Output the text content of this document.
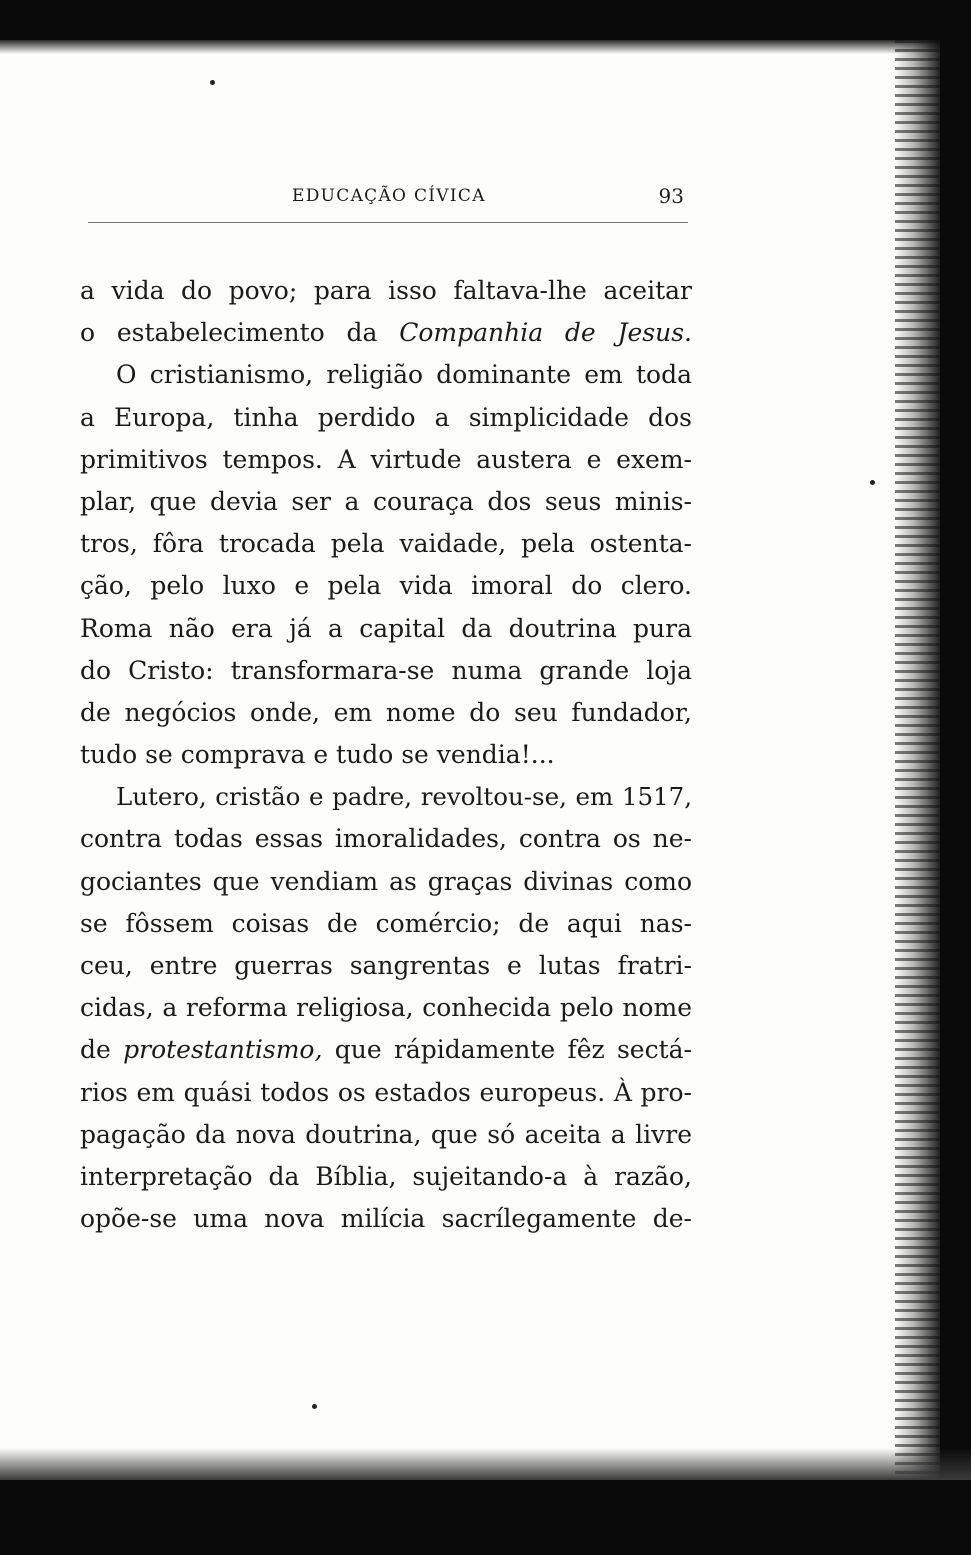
EDUCAÇÃO CÍVICA	93
a vida do povo; para isso faltava-lhe aceitar
o estabelecimento da Companhia de Jesus.
O cristianismo, religião dominante em toda
a Europa, tinha perdido a simplicidade dos
primitivos tempos. A virtude austera e exem-
plar, que devia ser a couraça dos seus minis-
tros, fôra trocada pela vaidade, pela ostenta-
ção, pelo luxo e pela vida imoral do clero.
Roma não era já a capital da doutrina pura
do Cristo: transformara-se numa grande loja
de negócios onde, em nome do seu fundador,
tudo se comprava e tudo se vendia!...
Lutero, cristão e padre, revoltou-se, em 1517,
contra todas essas imoralidades, contra os ne-
gociantes que vendiam as graças divinas como
se fôssem coisas de comércio; de aqui nas-
ceu, entre guerras sangrentas e lutas fratri-
cidas, a reforma religiosa, conhecida pelo nome
de protestantismo, que rápidamente fêz sectá-
rios em quási todos os estados europeus. À pro-
pagação da nova doutrina, que só aceita a livre
interpretação da Bíblia, sujeitando-a à razão,
opõe-se uma nova milícia sacrílegamente de-
